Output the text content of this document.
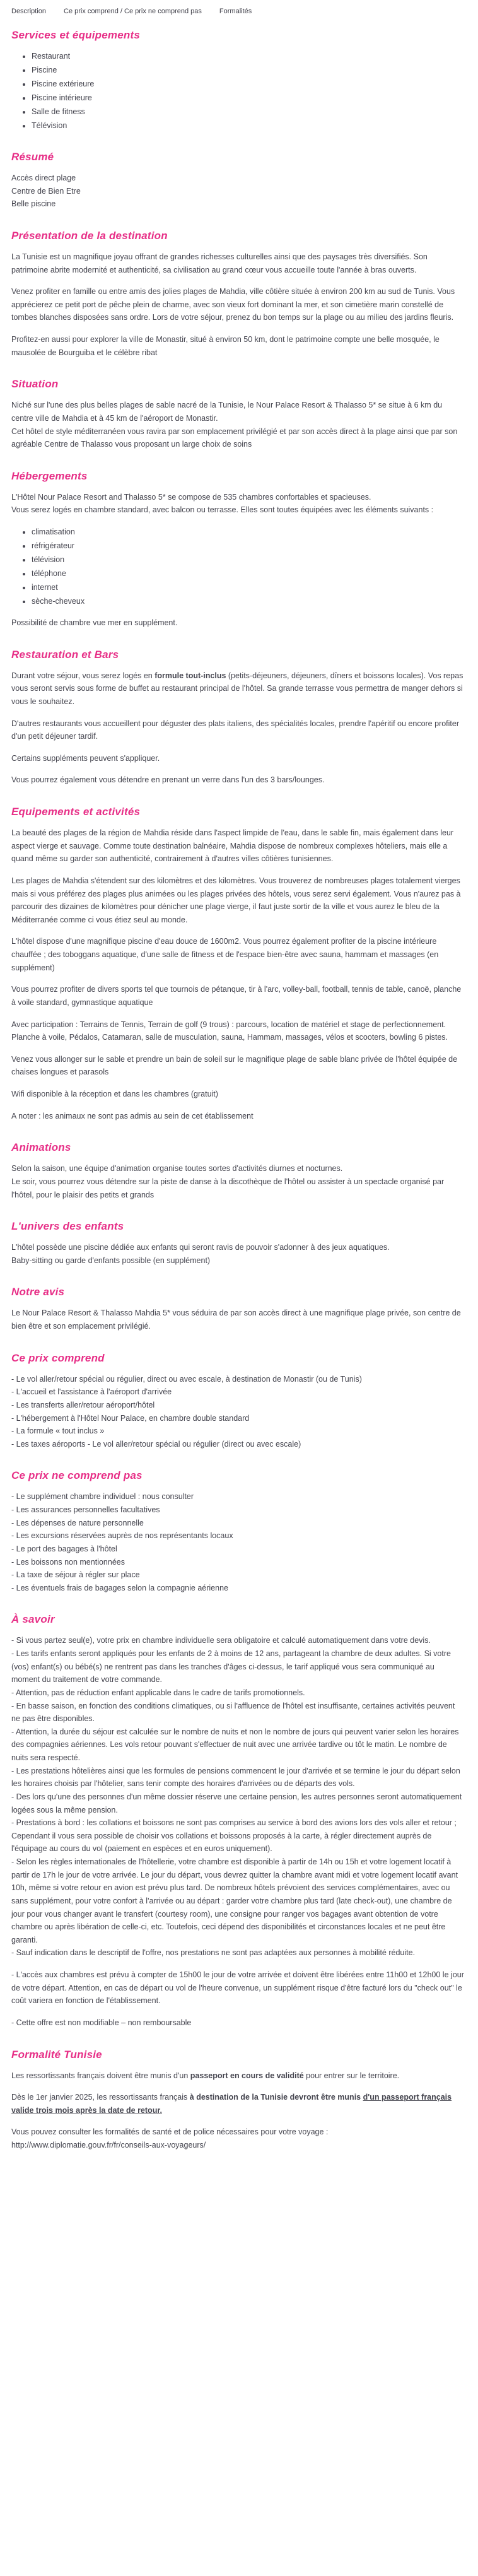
Description	Ce prix comprend / Ce prix ne comprend pas	Formalités
Services et équipements
• Restaurant
• Piscine
• Piscine extérieure
• Piscine intérieure
• Salle de fitness
• Télévision
Résumé
Accès direct plage
Centre de Bien Etre
Belle piscine
Présentation de la destination

La Tunisie est un magnifique joyau offrant de grandes richesses culturelles ainsi que des paysages très diversifiés. Son patrimoine abrite modernité et authenticité, sa civilisation au grand cœur vous accueille toute l'année à bras ouverts.

Venez profiter en famille ou entre amis des jolies plages de Mahdia, ville côtière située à environ 200 km au sud de Tunis. Vous apprécierez ce petit port de pêche plein de charme, avec son vieux fort dominant la mer, et son cimetière marin constellé de tombes blanches disposées sans ordre. Lors de votre séjour, prenez du bon temps sur la plage ou au milieu des jardins fleuris.

Profitez-en aussi pour explorer la ville de Monastir, situé à environ 50 km, dont le patrimoine compte une belle mosquée, le mausolée de Bourguiba et le célèbre ribat

Situation
Niché sur l'une des plus belles plages de sable nacré de la Tunisie, le Nour Palace Resort & Thalasso 5* se situe à 6 km du centre ville de Mahdia et à 45 km de l'aéroport de Monastir.
Cet hôtel de style méditerranéen vous ravira par son emplacement privilégié et par son accès direct à la plage ainsi que par son agréable Centre de Thalasso vous proposant un large choix de soins
Hébergements
L'Hôtel Nour Palace Resort and Thalasso 5* se compose de 535 chambres confortables et spacieuses.
Vous serez logés en chambre standard, avec balcon ou terrasse. Elles sont toutes équipées avec les éléments suivants :
• climatisation
• réfrigérateur
• télévision
• téléphone
• internet
• sèche-cheveux

Possibilité de chambre vue mer en supplément.

Restauration et Bars

Durant votre séjour, vous serez logés en formule tout-inclus (petits-déjeuners, déjeuners, dîners et boissons locales). Vos repas vous seront servis sous forme de buffet au restaurant principal de l'hôtel. Sa grande terrasse vous permettra de manger dehors si vous le souhaitez.

D'autres restaurants vous accueillent pour déguster des plats italiens, des spécialités locales, prendre l'apéritif ou encore profiter d'un petit déjeuner tardif.

Certains suppléments peuvent s'appliquer.

Vous pourrez également vous détendre en prenant un verre dans l'un des 3 bars/lounges.

Equipements et activités

La beauté des plages de la région de Mahdia réside dans l'aspect limpide de l'eau, dans le sable fin, mais également dans leur aspect vierge et sauvage. Comme toute destination balnéaire, Mahdia dispose de nombreux complexes hôteliers, mais elle a quand même su garder son authenticité, contrairement à d'autres villes côtières tunisiennes.

Les plages de Mahdia s'étendent sur des kilomètres et des kilomètres. Vous trouverez de nombreuses plages totalement vierges mais si vous préférez des plages plus animées ou les plages privées des hôtels, vous serez servi également. Vous n'aurez pas à parcourir des dizaines de kilomètres pour dénicher une plage vierge, il faut juste sortir de la ville et vous aurez le bleu de la Méditerranée comme ci vous étiez seul au monde.

L'hôtel dispose d'une magnifique piscine d'eau douce de 1600m2. Vous pourrez également profiter de la piscine intérieure chauffée ; des toboggans aquatique, d'une salle de fitness et de l'espace bien-être avec sauna, hammam et massages (en supplément)

Vous pourrez profiter de divers sports tel que tournois de pétanque, tir à l'arc, volley-ball, football, tennis de table, canoë, planche à voile standard, gymnastique aquatique

Avec participation : Terrains de Tennis, Terrain de golf (9 trous) : parcours, location de matériel et stage de perfectionnement. Planche à voile, Pédalos, Catamaran, salle de musculation, sauna, Hammam, massages, vélos et scooters, bowling 6 pistes.

Venez vous allonger sur le sable et prendre un bain de soleil sur le magnifique plage de sable blanc privée de l'hôtel équipée de chaises longues et parasols

Wifi disponible à la réception et dans les chambres (gratuit)

A noter : les animaux ne sont pas admis au sein de cet établissement

Animations
Selon la saison, une équipe d'animation organise toutes sortes d'activités diurnes et nocturnes.
Le soir, vous pourrez vous détendre sur la piste de danse à la discothèque de l'hôtel ou assister à un spectacle organisé par l'hôtel, pour le plaisir des petits et grands
L'univers des enfants
L'hôtel possède une piscine dédiée aux enfants qui seront ravis de pouvoir s'adonner à des jeux aquatiques.
Baby-sitting ou garde d'enfants possible (en supplément)
Notre avis

Le Nour Palace Resort & Thalasso Mahdia 5* vous séduira de par son accès direct à une magnifique plage privée, son centre de bien être et son emplacement privilégié.

Ce prix comprend
- Le vol aller/retour spécial ou régulier, direct ou avec escale, à destination de Monastir (ou de Tunis)
- L'accueil et l'assistance à l'aéroport d'arrivée
- Les transferts aller/retour aéroport/hôtel
- L'hébergement à l'Hôtel Nour Palace, en chambre double standard
- La formule « tout inclus »
- Les taxes aéroports - Le vol aller/retour spécial ou régulier (direct ou avec escale)
Ce prix ne comprend pas
- Le supplément chambre individuel : nous consulter
- Les assurances personnelles facultatives
- Les dépenses de nature personnelle
- Les excursions réservées auprès de nos représentants locaux
- Le port des bagages à l'hôtel
- Les boissons non mentionnées
- La taxe de séjour à régler sur place
- Les éventuels frais de bagages selon la compagnie aérienne
À savoir
- Si vous partez seul(e), votre prix en chambre individuelle sera obligatoire et calculé automatiquement dans votre devis.
- Les tarifs enfants seront appliqués pour les enfants de 2 à moins de 12 ans, partageant la chambre de deux adultes. Si votre (vos) enfant(s) ou bébé(s) ne rentrent pas dans les tranches d'âges ci-dessus, le tarif appliqué vous sera communiqué au moment du traitement de votre commande.
- Attention, pas de réduction enfant applicable dans le cadre de tarifs promotionnels.
- En basse saison, en fonction des conditions climatiques, ou si l'affluence de l'hôtel est insuffisante, certaines activités peuvent ne pas être disponibles.
- Attention, la durée du séjour est calculée sur le nombre de nuits et non le nombre de jours qui peuvent varier selon les horaires des compagnies aériennes. Les vols retour pouvant s'effectuer de nuit avec une arrivée tardive ou tôt le matin. Le nombre de nuits sera respecté.
- Les prestations hôtelières ainsi que les formules de pensions commencent le jour d'arrivée et se termine le jour du départ selon les horaires choisis par l'hôtelier, sans tenir compte des horaires d'arrivées ou de départs des vols.
- Des lors qu'une des personnes d'un même dossier réserve une certaine pension, les autres personnes seront automatiquement logées sous la même pension.
- Prestations à bord : les collations et boissons ne sont pas comprises au service à bord des avions lors des vols aller et retour ; Cependant il vous sera possible de choisir vos collations et boissons proposés à la carte, à régler directement auprès de l'équipage au cours du vol (paiement en espèces et en euros uniquement).
- Selon les règles internationales de l'hôtellerie, votre chambre est disponible à partir de 14h ou 15h et votre logement locatif à partir de 17h le jour de votre arrivée. Le jour du départ, vous devrez quitter la chambre avant midi et votre logement locatif avant 10h, même si votre retour en avion est prévu plus tard. De nombreux hôtels prévoient des services complémentaires, avec ou sans supplément, pour votre confort à l'arrivée ou au départ : garder votre chambre plus tard (late check-out), une chambre de jour pour vous changer avant le transfert (courtesy room), une consigne pour ranger vos bagages avant obtention de votre chambre ou après libération de celle-ci, etc. Toutefois, ceci dépend des disponibilités et circonstances locales et ne peut être garanti.
- Sauf indication dans le descriptif de l'offre, nos prestations ne sont pas adaptées aux personnes à mobilité réduite.
- L'accès aux chambres est prévu à compter de 15h00 le jour de votre arrivée et doivent être libérées entre 11h00 et 12h00 le jour de votre départ. Attention, en cas de départ ou vol de l'heure convenue, un supplément risque d'être facturé lors du "check out" le coût variera en fonction de l'établissement.
- Cette offre est non modifiable – non remboursable
Formalité Tunisie

Les ressortissants français doivent être munis d'un passeport en cours de validité pour entrer sur le territoire.

Dès le 1er janvier 2025, les ressortissants français à destination de la Tunisie devront être munis d'un passeport français valide trois mois après la date de retour.

Vous pouvez consulter les formalités de santé et de police nécessaires pour votre voyage : http://www.diplomatie.gouv.fr/fr/conseils-aux-voyageurs/
